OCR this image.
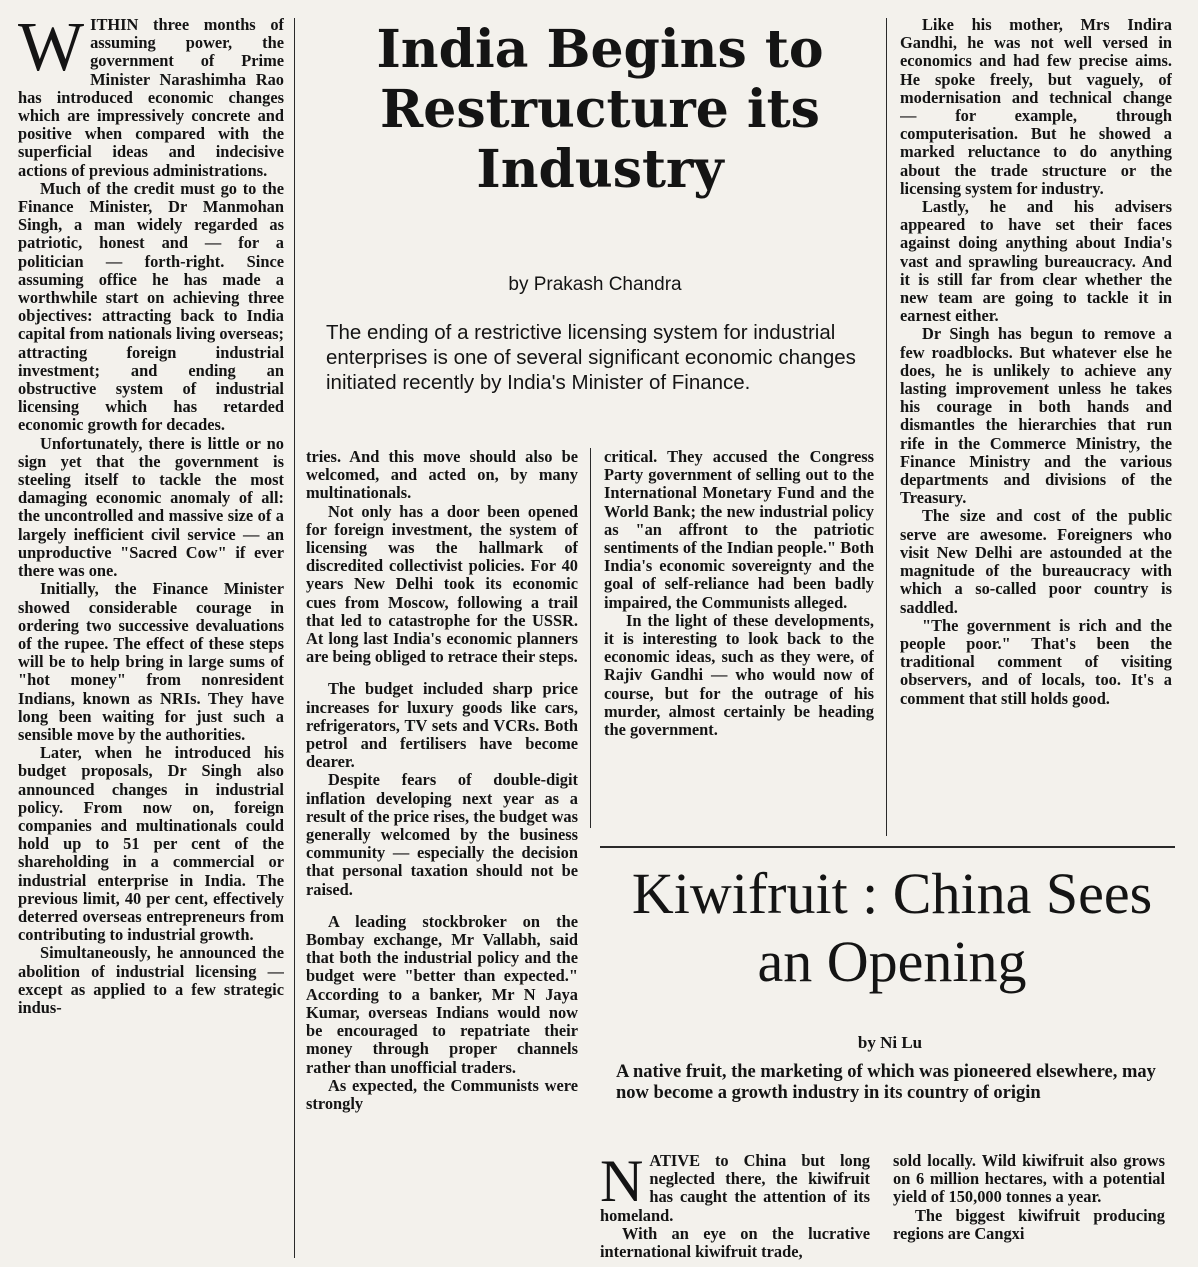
W ITHIN three months of assuming power, the government of Prime Minister Narashimha Rao has introduced economic changes which are impressively concrete and positive when compared with the superficial ideas and indecisive actions of previous administrations.

Much of the credit must go to the Finance Minister, Dr Manmohan Singh, a man widely regarded as patriotic, honest and — for a politician — forth-right. Since assuming office he has made a worthwhile start on achieving three objectives: attracting back to India capital from nationals living overseas; attracting foreign industrial investment; and ending an obstructive system of industrial licensing which has retarded economic growth for decades.

Unfortunately, there is little or no sign yet that the government is steeling itself to tackle the most damaging economic anomaly of all: the uncontrolled and massive size of a largely inefficient civil service — an unproductive "Sacred Cow" if ever there was one.

Initially, the Finance Minister showed considerable courage in ordering two successive devaluations of the rupee. The effect of these steps will be to help bring in large sums of "hot money" from nonresident Indians, known as NRIs. They have long been waiting for just such a sensible move by the authorities.

Later, when he introduced his budget proposals, Dr Singh also announced changes in industrial policy. From now on, foreign companies and multinationals could hold up to 51 per cent of the shareholding in a commercial or industrial enterprise in India. The previous limit, 40 per cent, effectively deterred overseas entrepreneurs from contributing to industrial growth.

Simultaneously, he announced the abolition of industrial licensing — except as applied to a few strategic indus-

India Begins to Restructure its Industry
by Prakash Chandra
The ending of a restrictive licensing system for industrial enterprises is one of several significant economic changes initiated recently by India's Minister of Finance.

tries. And this move should also be welcomed, and acted on, by many multinationals.

Not only has a door been opened for foreign investment, the system of licensing was the hallmark of discredited collectivist policies. For 40 years New Delhi took its economic cues from Moscow, following a trail that led to catastrophe for the USSR. At long last India's economic planners are being obliged to retrace their steps.

The budget included sharp price increases for luxury goods like cars, refrigerators, TV sets and VCRs. Both petrol and fertilisers have become dearer.

Despite fears of double-digit inflation developing next year as a result of the price rises, the budget was generally welcomed by the business community — especially the decision that personal taxation should not be raised.

A leading stockbroker on the Bombay exchange, Mr Vallabh, said that both the industrial policy and the budget were "better than expected." According to a banker, Mr N Jaya Kumar, overseas Indians would now be encouraged to repatriate their money through proper channels rather than unofficial traders.

As expected, the Communists were strongly

critical. They accused the Congress Party government of selling out to the International Monetary Fund and the World Bank; the new industrial policy as "an affront to the patriotic sentiments of the Indian people." Both India's economic sovereignty and the goal of self-reliance had been badly impaired, the Communists alleged.

In the light of these developments, it is interesting to look back to the economic ideas, such as they were, of Rajiv Gandhi — who would now of course, but for the outrage of his murder, almost certainly be heading the government.

Like his mother, Mrs Indira Gandhi, he was not well versed in economics and had few precise aims. He spoke freely, but vaguely, of modernisation and technical change — for example, through computerisation. But he showed a marked reluctance to do anything about the trade structure or the licensing system for industry.

Lastly, he and his advisers appeared to have set their faces against doing anything about India's vast and sprawling bureaucracy. And it is still far from clear whether the new team are going to tackle it in earnest either.

Dr Singh has begun to remove a few roadblocks. But whatever else he does, he is unlikely to achieve any lasting improvement unless he takes his courage in both hands and dismantles the hierarchies that run rife in the Commerce Ministry, the Finance Ministry and the various departments and divisions of the Treasury.

The size and cost of the public serve are awesome. Foreigners who visit New Delhi are astounded at the magnitude of the bureaucracy with which a so-called poor country is saddled.

"The government is rich and the people poor." That's been the traditional comment of visiting observers, and of locals, too. It's a comment that still holds good.

Kiwifruit : China Sees an Opening
by Ni Lu
A native fruit, the marketing of which was pioneered elsewhere, may now become a growth industry in its country of origin
N ATIVE to China but long neglected there, the kiwifruit has caught the attention of its homeland.

With an eye on the lucrative international kiwifruit trade,

sold locally. Wild kiwifruit also grows on 6 million hectares, with a potential yield of 150,000 tonnes a year.

The biggest kiwifruit producing regions are Cangxi
